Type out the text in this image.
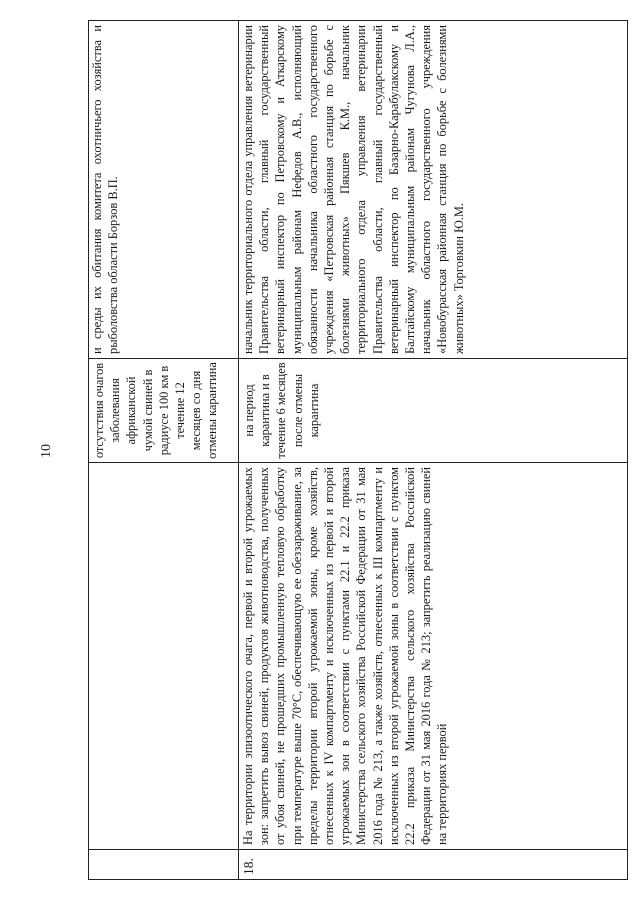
10	отсутствия очагов заболевания африканской чумой свиней в радиусе 100 км в течение 12 месяцев со дня отмены карантина
и среды их обитания комитета охотничьего хозяйства и рыболовства области Борзов В.П.
18.
На территории эпизоотического очага, первой и второй угрожаемых зон: запретить вывоз свиней, продуктов животноводства, полученных от убоя свиней, не прошедших промышленную тепловую обработку при температуре выше 70°С, обеспечивающую ее обеззараживание, за пределы территории второй угрожаемой зоны, кроме хозяйств, отнесенных к IV компартменту и исключенных из первой и второй угрожаемых зон в соответствии с пунктами 22.1 и 22.2 приказа Министерства сельского хозяйства Российской Федерации от 31 мая 2016 года № 213, а также хозяйств, отнесенных к III компартменту и исключенных из второй угрожаемой зоны в соответствии с пунктом 22.2 приказа Министерства сельского хозяйства Российской Федерации от 31 мая 2016 года № 213; запретить реализацию свиней на территориях первой
на период карантина и в течение 6 месяцев после отмены карантина
начальник территориального отдела управления ветеринарии Правительства области, главный государственный ветеринарный инспектор по Петровскому и Аткарскому муниципальным районам Нефедов А.В., исполняющий обязанности начальника областного государственного учреждения «Петровская районная станция по борьбе с болезнями животных» Пякшев К.М., начальник территориального отдела управления ветеринарии Правительства области, главный государственный ветеринарный инспектор по Базарно-Карабулакскому и Балтайскому муниципальным районам Чугунова Л.А., начальник областного государственного учреждения «Новобурасская районная станция по борьбе с болезнями животных» Торговкин Ю.М.
